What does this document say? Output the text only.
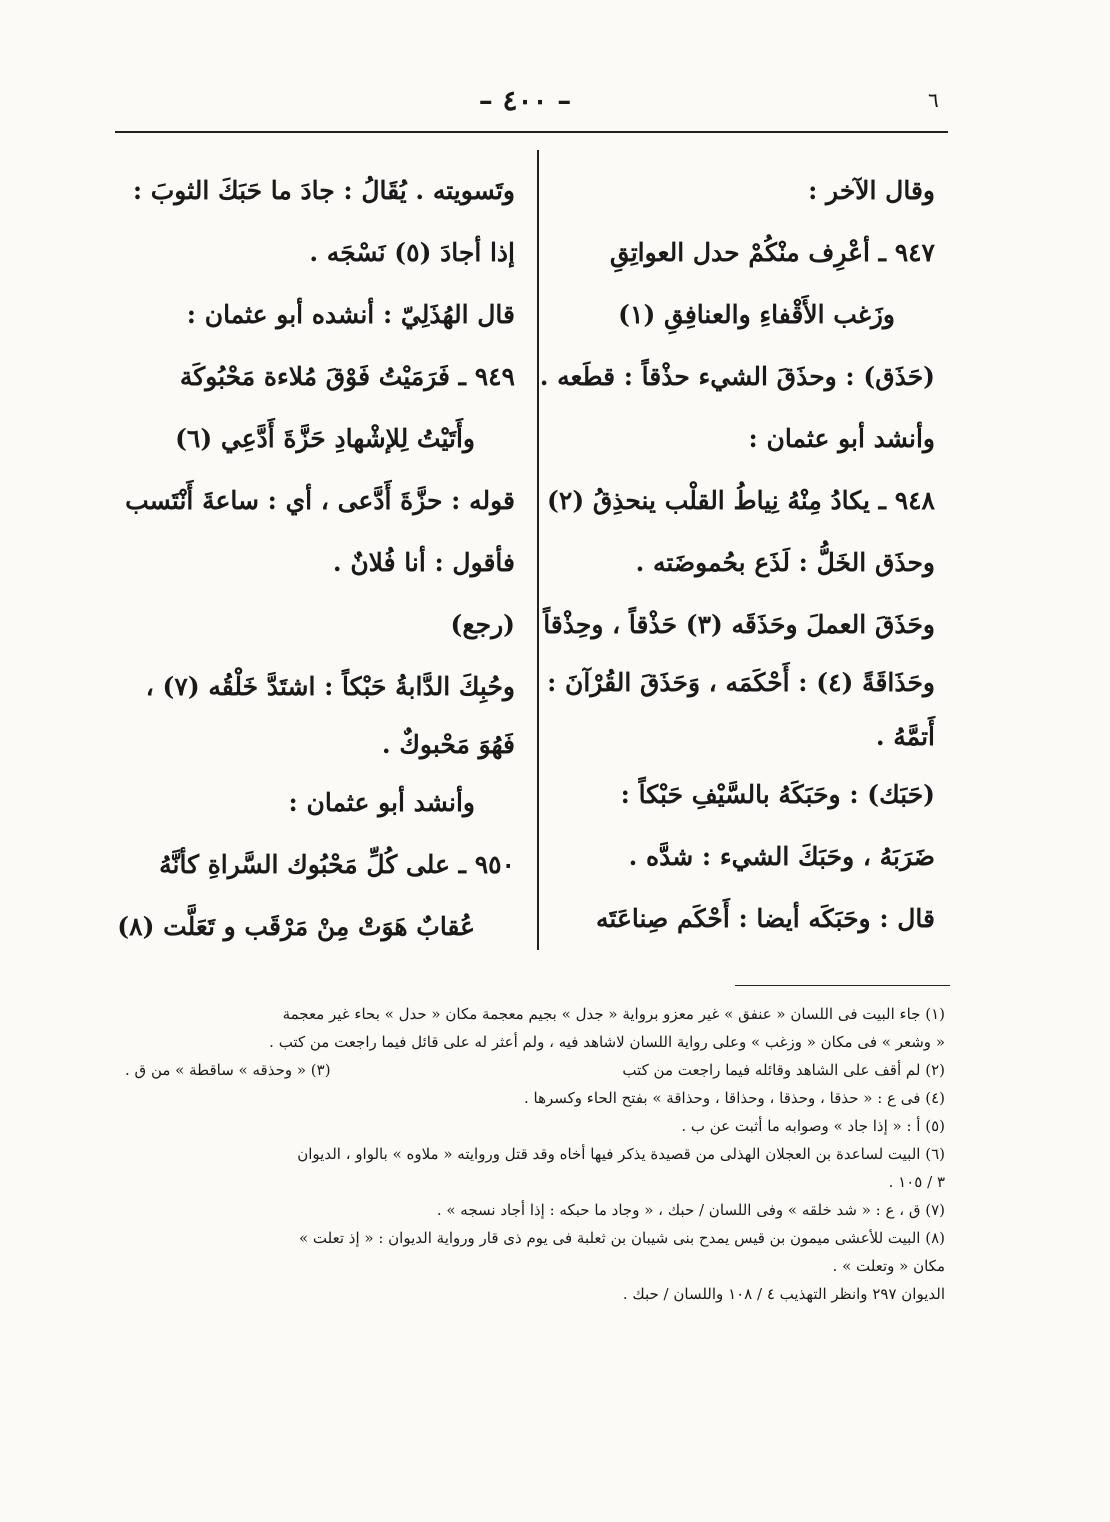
– ٤٠٠ –	٦
وقال الآخر :
٩٤٧ ـ أعْرِف منْكُمْ حدل العواتِقِ
وزَغب الأَقْفاءِ والعنافِقِ (١)
(حَذَق) : وحذَقَ الشيء حذْقاً : قطَعه .
وأنشد أبو عثمان :
٩٤٨ ـ يكادُ مِنْهُ نِياطُ القلْب ينحذِقُ (٢)
وحذَق الخَلُّ : لَذَع بحُموضَته .
وحَذَقَ العملَ وحَذَقَه (٣) حَذْقاً ، وحِذْقاً
وحَذَاقَةً (٤) : أَحْكَمَه ، وَحَذَقَ القُرْآنَ :
أَتمَّهُ .
(حَبَك) : وحَبَكَهُ بالسَّيْفِ حَبْكاً :
ضَرَبَهُ ، وحَبَكَ الشيء : شدَّه .
قال : وحَبَكَه أيضا : أَحْكَم صِناعَتَه
وتَسويته . يُقَالُ : جادَ ما حَبَكَ الثوبَ :
إذا أجادَ (٥) نَسْجَه .
قال الهُذَلِيّ : أنشده أبو عثمان :
٩٤٩ ـ فَرَمَيْتُ فَوْقَ مُلاءة مَحْبُوكَة
وأَتَيْتُ لِلإشْهادِ حَزَّةَ أَدَّعِي (٦)
قوله : حزَّةَ أَدَّعى ، أي : ساعةَ أَنْتَسب
فأقول : أنا فُلانٌ .
(رجع)
وحُبِكَ الدَّابةُ حَبْكاً : اشتَدَّ خَلْقُه (٧) ،
فَهُوَ مَحْبوكٌ .
وأنشد أبو عثمان :
٩٥٠ ـ على كُلِّ مَحْبُوك السَّراةِ كأنَّهُ
عُقابٌ هَوَتْ مِنْ مَرْقَب و تَعَلَّت (٨)
(١) جاء البيت فى اللسان « عنفق » غير معزو برواية « جدل » بجيم معجمة مكان « حدل » بحاء غير معجمة
« وشعر » فى مكان « وزغب » وعلى رواية اللسان لاشاهد فيه ، ولم أعثر له على قائل فيما راجعت من كتب .
(٢) لم أقف على الشاهد وقائله فيما راجعت من كتب
(٣) « وحذقه » ساقطة » من ق .
(٤) فى ع : « حذقا ، وحذقا ، وحذاقا ، وحذاقة » بفتح الحاء وكسرها .
(٥) أ : « إذا جاد » وصوابه ما أثبت عن ب .
(٦) البيت لساعدة بن العجلان الهذلى من قصيدة يذكر فيها أخاه وقد قتل وروايته « ملاوه » بالواو ، الديوان
٣ / ١٠٥ .
(٧) ق ، ع : « شد خلقه » وفى اللسان / حبك ، « وجاد ما حبكه : إذا أجاد نسجه » .
(٨) البيت للأعشى ميمون بن قيس يمدح بنى شيبان بن ثعلبة فى يوم ذى قار ورواية الديوان : « إذ تعلت »
مكان « وتعلت » .
الديوان ٢٩٧ وانظر التهذيب ٤ / ١٠٨ واللسان / حبك .
